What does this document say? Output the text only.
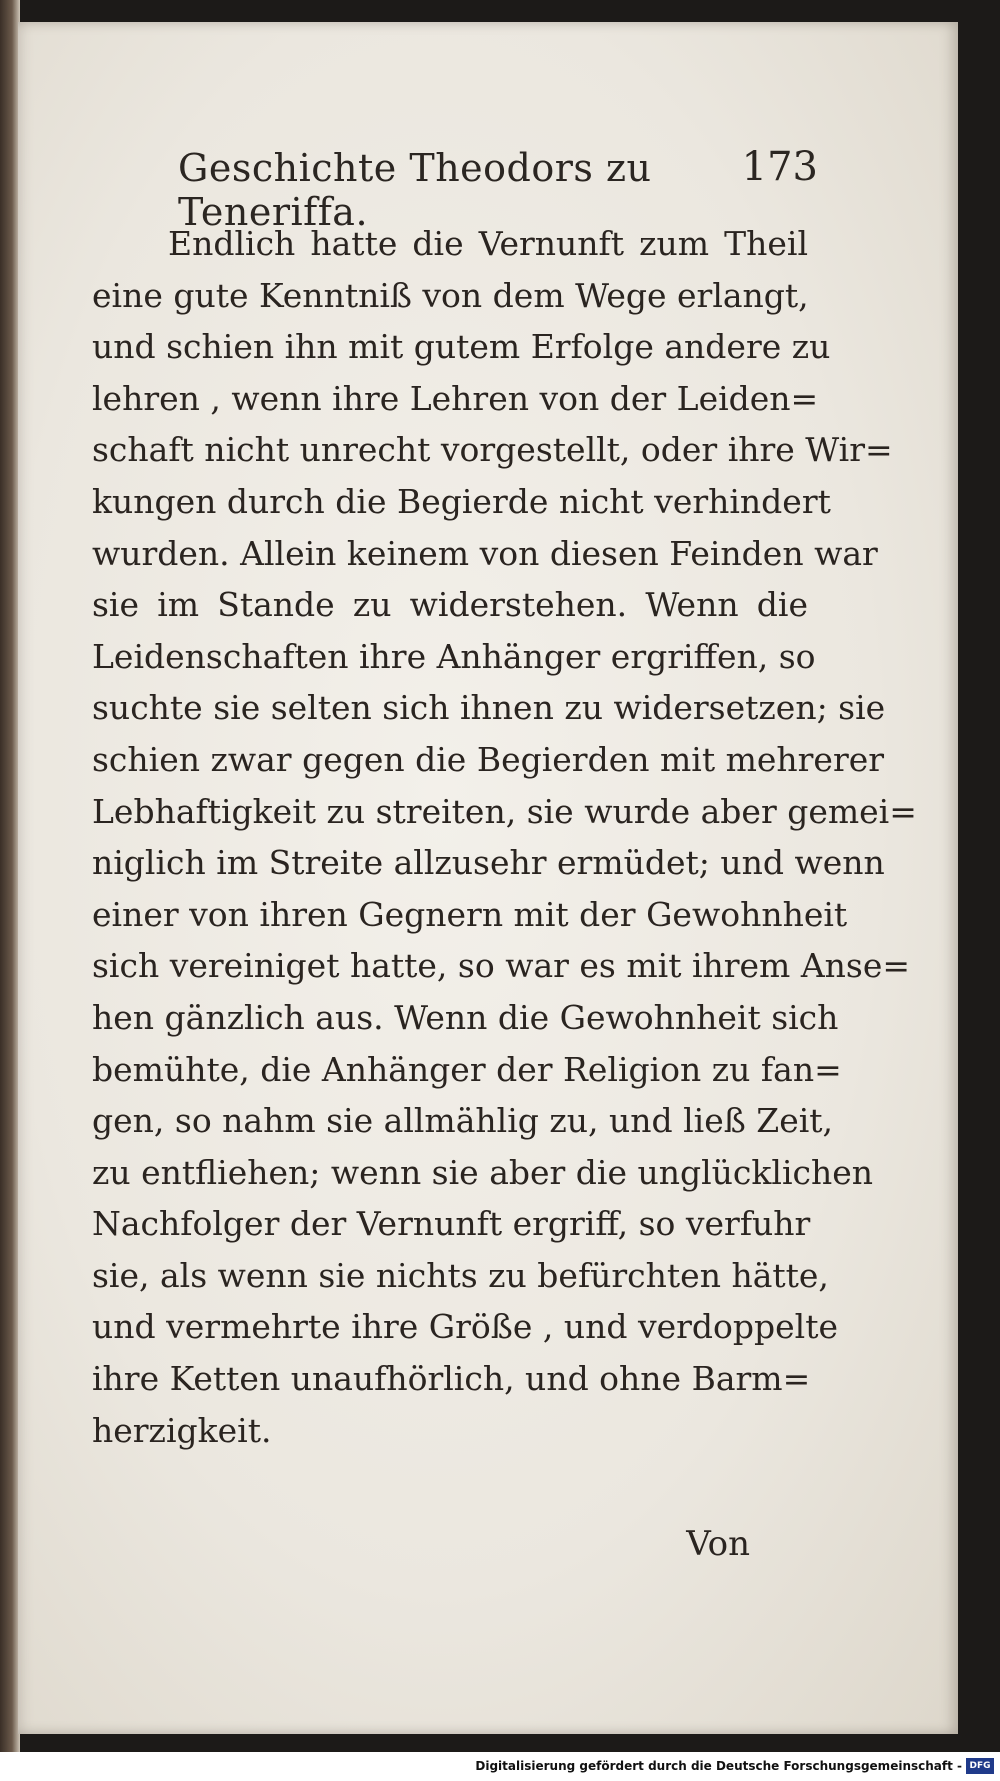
Geschichte Theodors zu Teneriffa.
173
Endlich hatte die Vernunft zum Theil
eine gute Kenntniß von dem Wege erlangt,
und schien ihn mit gutem Erfolge andere zu
lehren , wenn ihre Lehren von der Leiden=
schaft nicht unrecht vorgestellt, oder ihre Wir=
kungen durch die Begierde nicht verhindert
wurden. Allein keinem von diesen Feinden war
sie im Stande zu widerstehen. Wenn die
Leidenschaften ihre Anhänger ergriffen, so
suchte sie selten sich ihnen zu widersetzen; sie
schien zwar gegen die Begierden mit mehrerer
Lebhaftigkeit zu streiten, sie wurde aber gemei=
niglich im Streite allzusehr ermüdet; und wenn
einer von ihren Gegnern mit der Gewohnheit
sich vereiniget hatte, so war es mit ihrem Anse=
hen gänzlich aus. Wenn die Gewohnheit sich
bemühte, die Anhänger der Religion zu fan=
gen, so nahm sie allmählig zu, und ließ Zeit,
zu entfliehen; wenn sie aber die unglücklichen
Nachfolger der Vernunft ergriff, so verfuhr
sie, als wenn sie nichts zu befürchten hätte,
und vermehrte ihre Größe , und verdoppelte
ihre Ketten unaufhörlich, und ohne Barm=
herzigkeit.
Von
Digitalisierung gefördert durch die Deutsche Forschungsgemeinschaft - DFG
